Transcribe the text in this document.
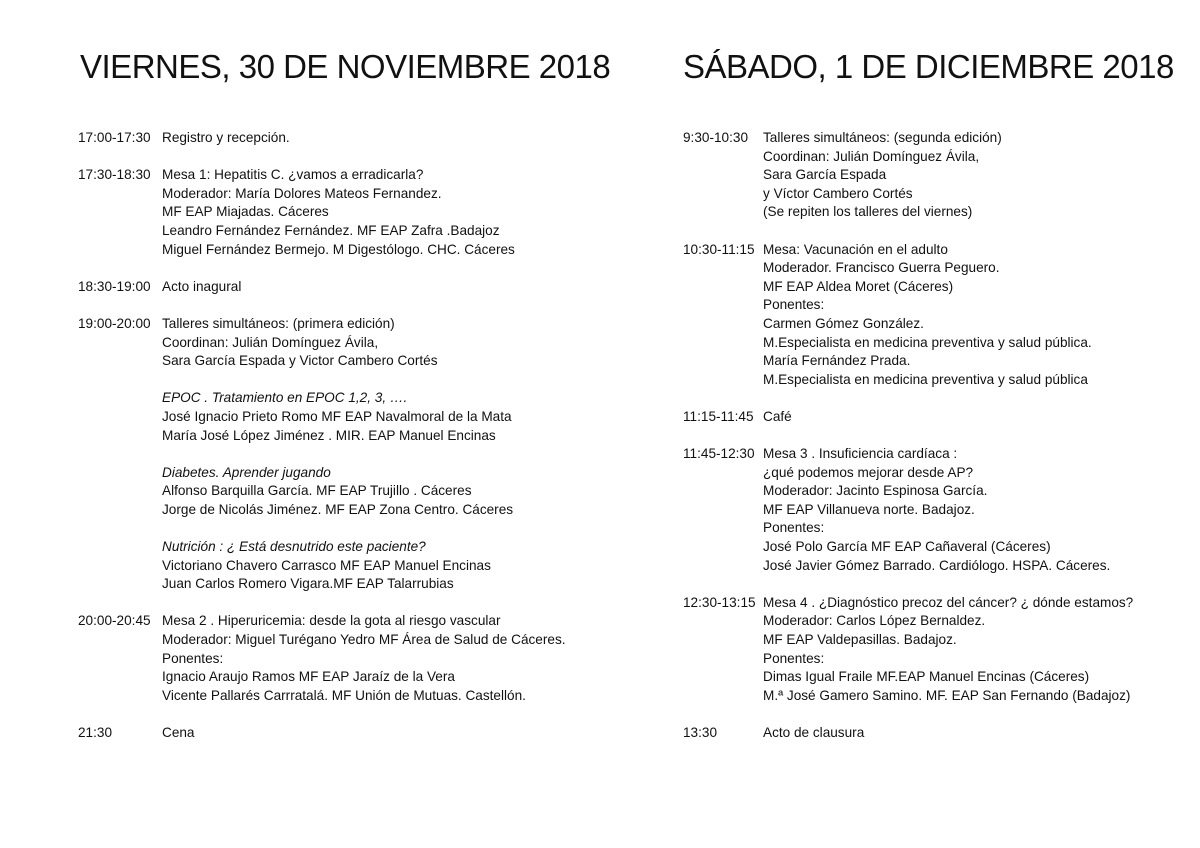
VIERNES, 30 DE NOVIEMBRE 2018
17:00-17:30 Registro y recepción.
17:30-18:30 Mesa 1: Hepatitis C. ¿vamos a erradicarla?
Moderador: María Dolores Mateos Fernandez.
MF EAP Miajadas. Cáceres
Leandro Fernández Fernández. MF EAP Zafra .Badajoz
Miguel Fernández Bermejo. M Digestólogo. CHC. Cáceres
18:30-19:00 Acto inagural
19:00-20:00 Talleres simultáneos: (primera edición)
Coordinan: Julián Domínguez Ávila,
Sara García Espada y Victor Cambero Cortés
EPOC . Tratamiento en EPOC 1,2, 3, ….
José Ignacio Prieto Romo MF EAP Navalmoral de la Mata
María José López Jiménez . MIR. EAP Manuel Encinas
Diabetes. Aprender jugando
Alfonso Barquilla García. MF EAP Trujillo . Cáceres
Jorge de Nicolás Jiménez. MF EAP Zona Centro. Cáceres
Nutrición : ¿ Está desnutrido este paciente?
Victoriano Chavero Carrasco MF EAP Manuel Encinas
Juan Carlos Romero Vigara.MF EAP Talarrubias
20:00-20:45 Mesa 2 . Hiperuricemia: desde la gota al riesgo vascular
Moderador: Miguel Turégano Yedro MF Área de Salud de Cáceres.
Ponentes:
Ignacio Araujo Ramos MF EAP Jaraíz de la Vera
Vicente Pallarés Carrratalá. MF Unión de Mutuas. Castellón.
21:30	Cena
SÁBADO, 1 DE DICIEMBRE 2018
9:30-10:30	Talleres simultáneos: (segunda edición)
Coordinan: Julián Domínguez Ávila,
Sara García Espada
y Víctor Cambero Cortés
(Se repiten los talleres del viernes)
10:30-11:15 Mesa: Vacunación en el adulto
Moderador. Francisco Guerra Peguero.
MF EAP Aldea Moret (Cáceres)
Ponentes:
Carmen Gómez González.
M.Especialista en medicina preventiva y salud pública.
María Fernández Prada.
M.Especialista en medicina preventiva y salud pública
11:15-11:45 Café
11:45-12:30 Mesa 3 . Insuficiencia cardíaca :
¿qué podemos mejorar desde AP?
Moderador: Jacinto Espinosa García.
MF EAP Villanueva norte. Badajoz.
Ponentes:
José Polo García MF EAP Cañaveral (Cáceres)
José Javier Gómez Barrado. Cardiólogo. HSPA. Cáceres.
12:30-13:15 Mesa 4 . ¿Diagnóstico precoz del cáncer? ¿ dónde estamos?
Moderador: Carlos López Bernaldez.
MF EAP Valdepasillas. Badajoz.
Ponentes:
Dimas Igual Fraile MF.EAP Manuel Encinas (Cáceres)
M.ª José Gamero Samino. MF. EAP San Fernando (Badajoz)
13:30	Acto de clausura
